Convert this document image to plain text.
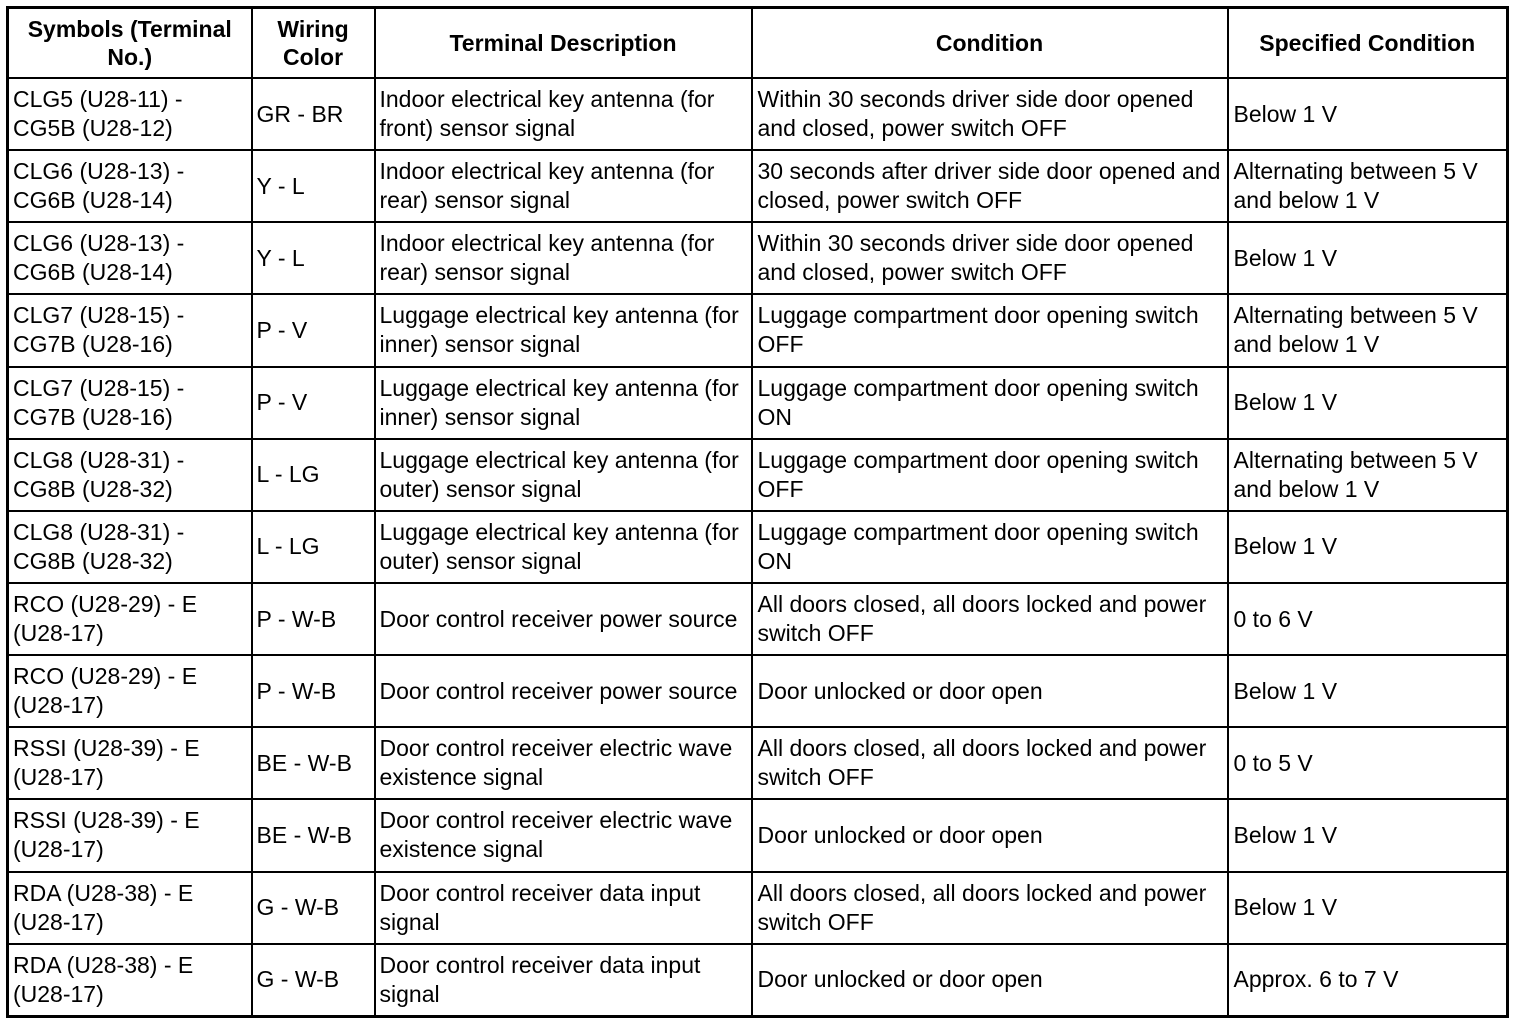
Symbols (Terminal No.)	Wiring Color	Terminal Description	Condition	Specified Condition
CLG5 (U28-11) - CG5B (U28-12)	GR - BR	Indoor electrical key antenna (for front) sensor signal	Within 30 seconds driver side door opened and closed, power switch OFF	Below 1 V
CLG6 (U28-13) - CG6B (U28-14)	Y - L	Indoor electrical key antenna (for rear) sensor signal	30 seconds after driver side door opened and closed, power switch OFF	Alternating between 5 V and below 1 V
CLG6 (U28-13) - CG6B (U28-14)	Y - L	Indoor electrical key antenna (for rear) sensor signal	Within 30 seconds driver side door opened and closed, power switch OFF	Below 1 V
CLG7 (U28-15) - CG7B (U28-16)	P - V	Luggage electrical key antenna (for inner) sensor signal	Luggage compartment door opening switch OFF	Alternating between 5 V and below 1 V
CLG7 (U28-15) - CG7B (U28-16)	P - V	Luggage electrical key antenna (for inner) sensor signal	Luggage compartment door opening switch ON	Below 1 V
CLG8 (U28-31) - CG8B (U28-32)	L - LG	Luggage electrical key antenna (for outer) sensor signal	Luggage compartment door opening switch OFF	Alternating between 5 V and below 1 V
CLG8 (U28-31) - CG8B (U28-32)	L - LG	Luggage electrical key antenna (for outer) sensor signal	Luggage compartment door opening switch ON	Below 1 V
RCO (U28-29) - E (U28-17)	P - W-B	Door control receiver power source	All doors closed, all doors locked and power switch OFF	0 to 6 V
RCO (U28-29) - E (U28-17)	P - W-B	Door control receiver power source	Door unlocked or door open	Below 1 V
RSSI (U28-39) - E (U28-17)	BE - W-B	Door control receiver electric wave existence signal	All doors closed, all doors locked and power switch OFF	0 to 5 V
RSSI (U28-39) - E (U28-17)	BE - W-B	Door control receiver electric wave existence signal	Door unlocked or door open	Below 1 V
RDA (U28-38) - E (U28-17)	G - W-B	Door control receiver data input signal	All doors closed, all doors locked and power switch OFF	Below 1 V
RDA (U28-38) - E (U28-17)	G - W-B	Door control receiver data input signal	Door unlocked or door open	Approx. 6 to 7 V
